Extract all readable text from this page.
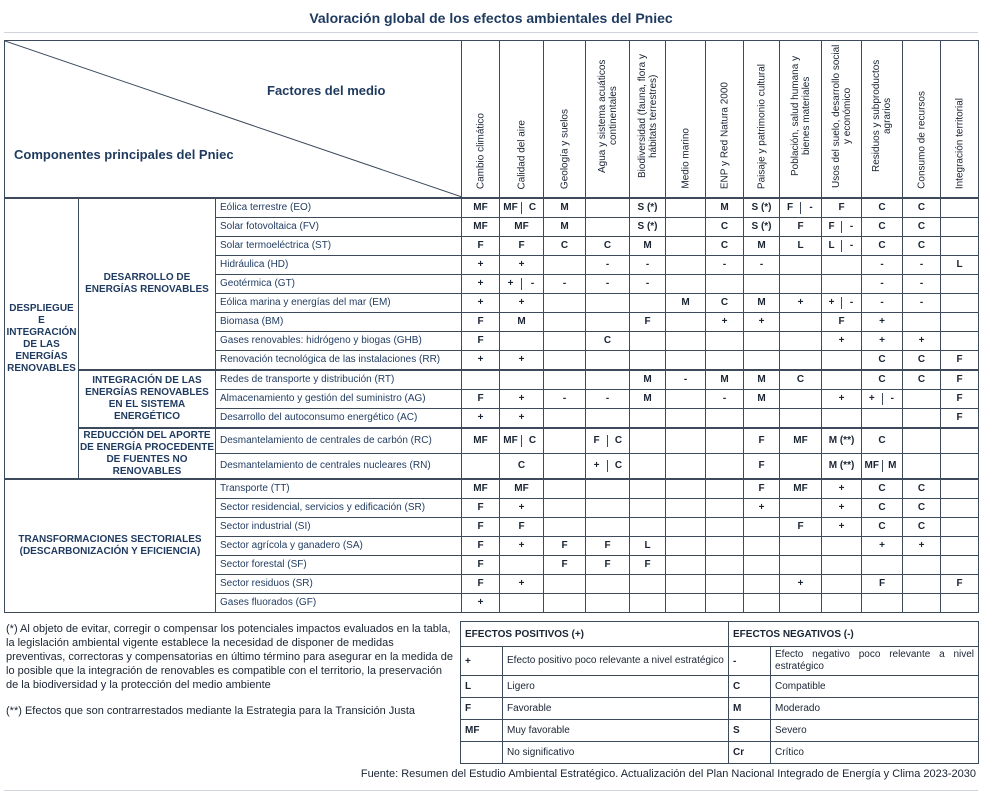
Valoración global de los efectos ambientales del Pniec
Factores del medio
Componentes principales del Pniec			Cambio climático	Calidad del aire	Geología y suelos	Agua y sistema acuáticos continentales	Biodiversidad (fauna, flora y hábitats terrestres)	Medio marino	ENP y Red Natura 2000	Paisaje y patrimonio cultural	Población, salud humana y bienes materiales	Usos del suelo, desarrollo social y económico	Residuos y subproductos agrarios	Consumo de recursos	Integración territorial

DESPLIEGUE E INTEGRACIÓN DE LAS ENERGÍAS RENOVABLES	DESARROLLO DE ENERGÍAS RENOVABLES	Eólica terrestre (EO)	MF	MF C	M		S (*)		M	S (*)	F -	F	C	C	
		Solar fotovoltaica (FV)	MF	MF	M		S (*)		C	S (*)	F	F -	C	C	
		Solar termoeléctrica (ST)	F	F	C	C	M		C	M	L	L -	C	C	
		Hidráulica (HD)	+	+		-	-		-	-			-	-	L
		Geotérmica (GT)	+	+ -	-	-	-						-	-	
		Eólica marina y energías del mar (EM)	+	+				M	C	M	+	+ -	-	-	
		Biomasa (BM)	F	M			F		+	+		F	+		
		Gases renovables: hidrógeno y biogas (GHB)	F			C						+	+	+	
		Renovación tecnológica de las instalaciones (RR)	+	+									C	C	F
	INTEGRACIÓN DE LAS ENERGÍAS RENOVABLES EN EL SISTEMA ENERGÉTICO	Redes de transporte y distribución (RT)					M	-	M	M	C		C	C	F
		Almacenamiento y gestión del suministro (AG)	F	+	-	-	M		-	M		+	+ -		F
		Desarrollo del autoconsumo energético (AC)	+	+											F
	REDUCCIÓN DEL APORTE DE ENERGÍA PROCEDENTE DE FUENTES NO RENOVABLES	Desmantelamiento de centrales de carbón (RC)	MF	MF C		F C				F	MF	M (**)	C		
		Desmantelamiento de centrales nucleares (RN)		C		+ C				F		M (**)	MF M		

TRANSFORMACIONES SECTORIALES (DESCARBONIZACIÓN Y EFICIENCIA)		Transporte (TT)	MF	MF						F	MF	+	C	C	
		Sector residencial, servicios y edificación (SR)	F	+						+		+	C	C	
		Sector industrial (SI)	F	F							F	+	C	C	
		Sector agrícola y ganadero (SA)	F	+	F	F	L						+	+	
		Sector forestal (SF)	F		F	F	F								
		Sector residuos (SR)	F	+							+		F		F
		Gases fluorados (GF)	+												

(*) Al objeto de evitar, corregir o compensar los potenciales impactos evaluados en la tabla, la legislación ambiental vigente establece la necesidad de disponer de medidas preventivas, correctoras y compensatorias en último término para asegurar en la medida de lo posible que la integración de renovables es compatible con el territorio, la preservación de la biodiversidad y la protección del medio ambiente

(**) Efectos que son contrarrestados mediante la Estrategia para la Transición Justa

EFECTOS POSITIVOS (+)		EFECTOS NEGATIVOS (-)	
+	Efecto positivo poco relevante a nivel estratégico	-	Efecto negativo poco relevante a nivel estratégico
L	Ligero	C	Compatible
F	Favorable	M	Moderado
MF	Muy favorable	S	Severo
	No significativo	Cr	Crítico
Fuente: Resumen del Estudio Ambiental Estratégico. Actualización del Plan Nacional Integrado de Energía y Clima 2023-2030
